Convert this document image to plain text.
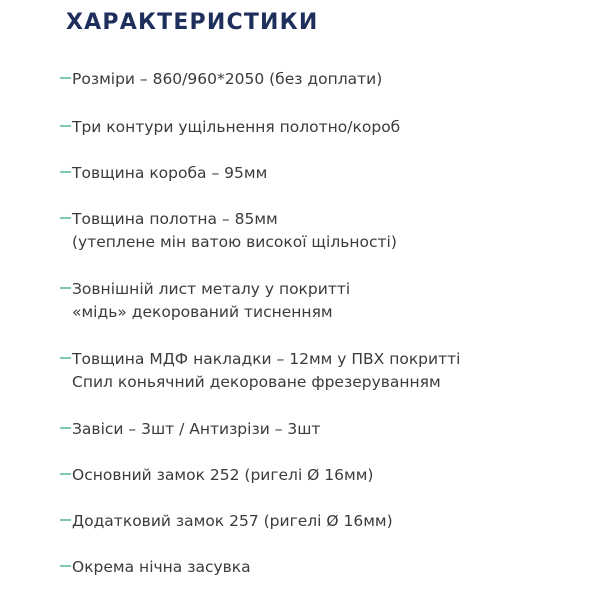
ХАРАКТЕРИСТИКИ
Розміри – 860/960*2050 (без доплати)
Три контури ущільнення полотно/короб
Товщина короба – 95мм
Товщина полотна – 85мм
(утеплене мін ватою високої щільності)
Зовнішній лист металу у покритті
«мідь» декорований тисненням
Товщина МДФ накладки – 12мм у ПВХ покритті
Спил коньячний декороване фрезеруванням
Завіси – 3шт / Антизрізи – 3шт
Основний замок 252 (ригелі Ø 16мм)
Додатковий замок 257 (ригелі Ø 16мм)
Окрема нічна засувка
